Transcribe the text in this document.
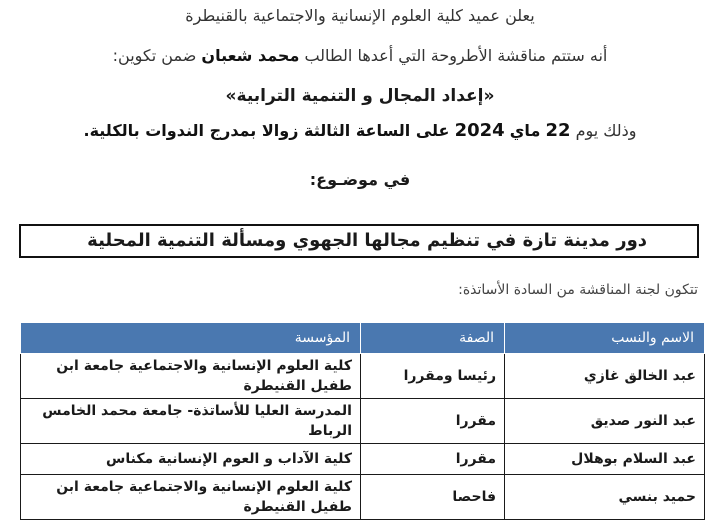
يعلن عميد كلية العلوم الإنسانية والاجتماعية بالقنيطرة
أنه ستتم مناقشة الأطروحة التي أعدها الطالب محمد شعبان ضمن تكوين:
«إعداد المجال و التنمية الترابية»
وذلك يوم 22 ماي 2024 على الساعة الثالثة زوالا بمدرج الندوات بالكلية.
في موضـوع:
دور مدينة تازة في تنظيم مجالها الجهوي ومسألة التنمية المحلية
تتكون لجنة المناقشة من السادة الأساتذة:
الاسم والنسب	الصفة	المؤسسة
عبد الخالق غازي	رئيسا ومقررا	كلية العلوم الإنسانية والاجتماعية جامعة ابن طفيل القنيطرة
عبد النور صديق	مقررا	المدرسة العليا للأساتذة- جامعة محمد الخامس الرباط
عبد السلام بوهلال	مقررا	كلية الآداب و العوم الإنسانية مكناس
حميد بنسي	فاحصا	كلية العلوم الإنسانية والاجتماعية جامعة ابن طفيل القنيطرة
